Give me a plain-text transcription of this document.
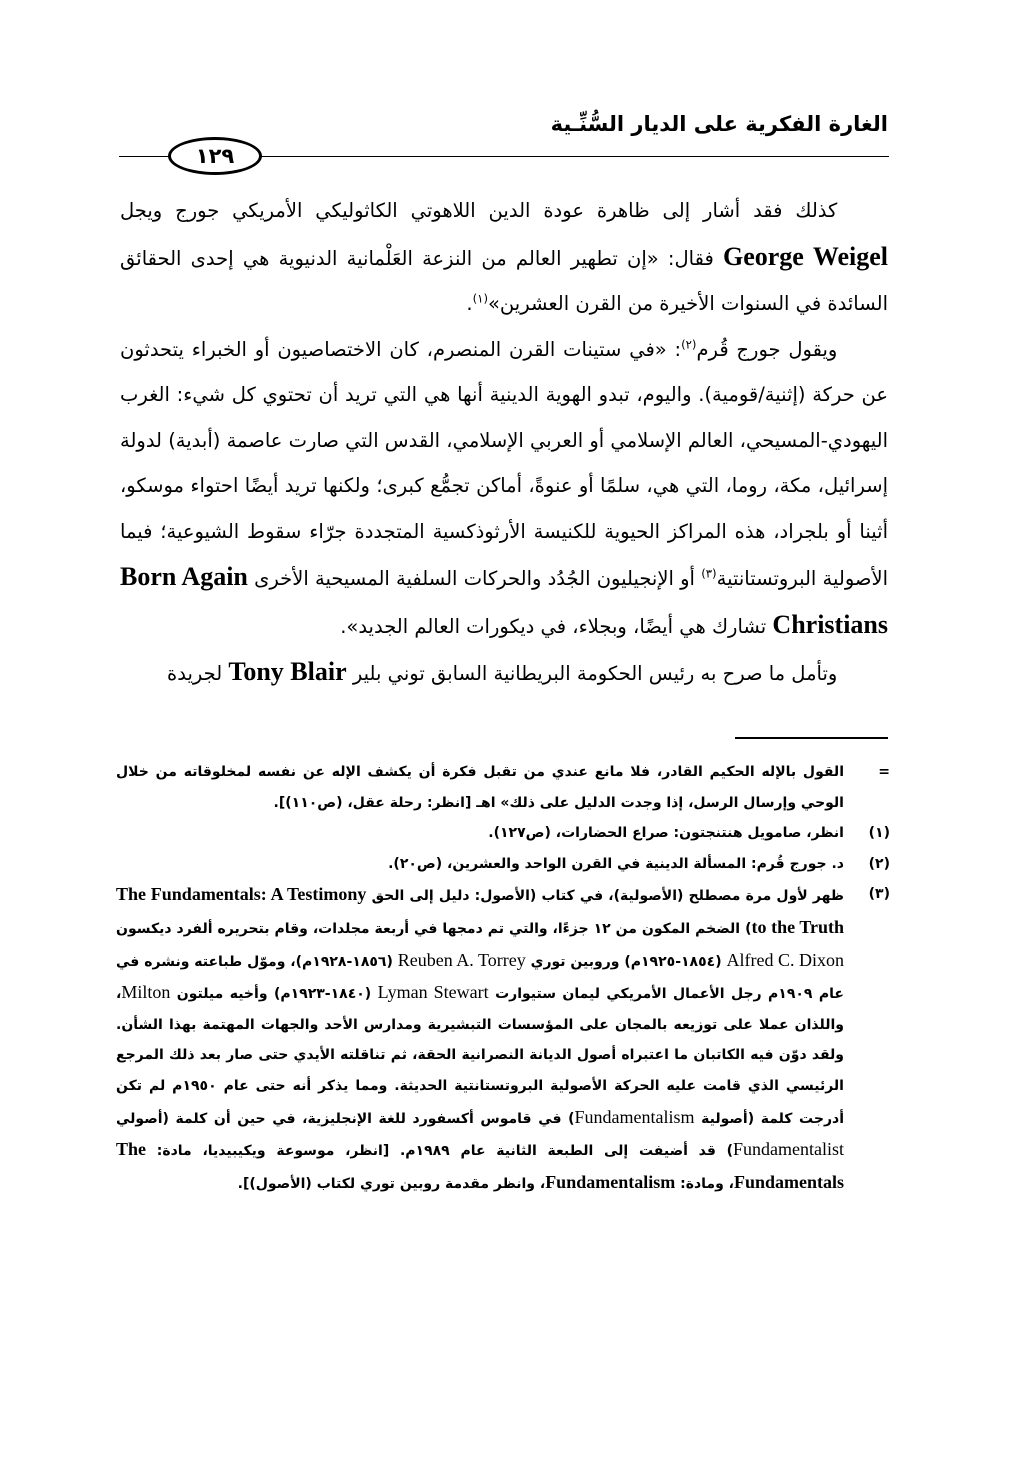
الغارة الفكرية على الديار السُّنِّـية
١٢٩

كذلك فقد أشار إلى ظاهرة عودة الدين اللاهوتي الكاثوليكي الأمريكي جورج ويجل George Weigel فقال: «إن تطهير العالم من النزعة العَلْمانية الدنيوية هي إحدى الحقائق السائدة في السنوات الأخيرة من القرن العشرين»$^{(١)}$.

ويقول جورج قُرم$^{(٢)}$: «في ستينات القرن المنصرم، كان الاختصاصيون أو الخبراء يتحدثون عن حركة (إثنية/قومية). واليوم، تبدو الهوية الدينية أنها هي التي تريد أن تحتوي كل شيء: الغرب اليهودي-المسيحي، العالم الإسلامي أو العربي الإسلامي، القدس التي صارت عاصمة (أبدية) لدولة إسرائيل، مكة، روما، التي هي، سلمًا أو عنوةً، أماكن تجمُّع كبرى؛ ولكنها تريد أيضًا احتواء موسكو، أثينا أو بلجراد، هذه المراكز الحيوية للكنيسة الأرثوذكسية المتجددة جرّاء سقوط الشيوعية؛ فيما الأصولية البروتستانتية$^{(٣)}$ أو الإنجيليون الجُدُد والحركات السلفية المسيحية الأخرى Born Again Christians تشارك هي أيضًا، وبجلاء، في ديكورات العالم الجديد».

وتأمل ما صرح به رئيس الحكومة البريطانية السابق توني بلير Tony Blair لجريدة

=
القول بالإله الحكيم القادر، فلا مانع عندي من تقبل فكرة أن يكشف الإله عن نفسه لمخلوقاته من خلال الوحي وإرسال الرسل، إذا وجدت الدليل على ذلك» اهـ [انظر: رحلة عقل، (ص١١٠)].
(١)
انظر، صامويل هنتنجتون: صراع الحضارات، (ص١٢٧).
(٢)
د. جورج قُرم: المسألة الدينية في القرن الواحد والعشرين، (ص٢٠).
(٣)
ظهر لأول مرة مصطلح (الأصولية)، في كتاب (الأصول: دليل إلى الحق The Fundamentals: A Testimony to the Truth) الضخم المكون من ١٢ جزءًا، والتي تم دمجها في أربعة مجلدات، وقام بتحريره ألفرد ديكسون Alfred C. Dixon (١٨٥٤-١٩٢٥م) وروبين توري Reuben A. Torrey (١٨٥٦-١٩٢٨م)، وموّل طباعته ونشره في عام ١٩٠٩م رجل الأعمال الأمريكي ليمان ستيوارت Lyman Stewart (١٨٤٠-١٩٢٣م) وأخيه ميلتون Milton، واللذان عملا على توزيعه بالمجان على المؤسسات التبشيرية ومدارس الأحد والجهات المهتمة بهذا الشأن. ولقد دوّن فيه الكاتبان ما اعتبراه أصول الديانة النصرانية الحقة، ثم تناقلته الأيدي حتى صار بعد ذلك المرجع الرئيسي الذي قامت عليه الحركة الأصولية البروتستانتية الحديثة. ومما يذكر أنه حتى عام ١٩٥٠م لم تكن أدرجت كلمة (أصولية Fundamentalism) في قاموس أكسفورد للغة الإنجليزية، في حين أن كلمة (أصولي Fundamentalist) قد أضيفت إلى الطبعة الثانية عام ١٩٨٩م. [انظر، موسوعة ويكيبيديا، مادة: The Fundamentals، ومادة: Fundamentalism، وانظر مقدمة روبين توري لكتاب (الأصول)].
